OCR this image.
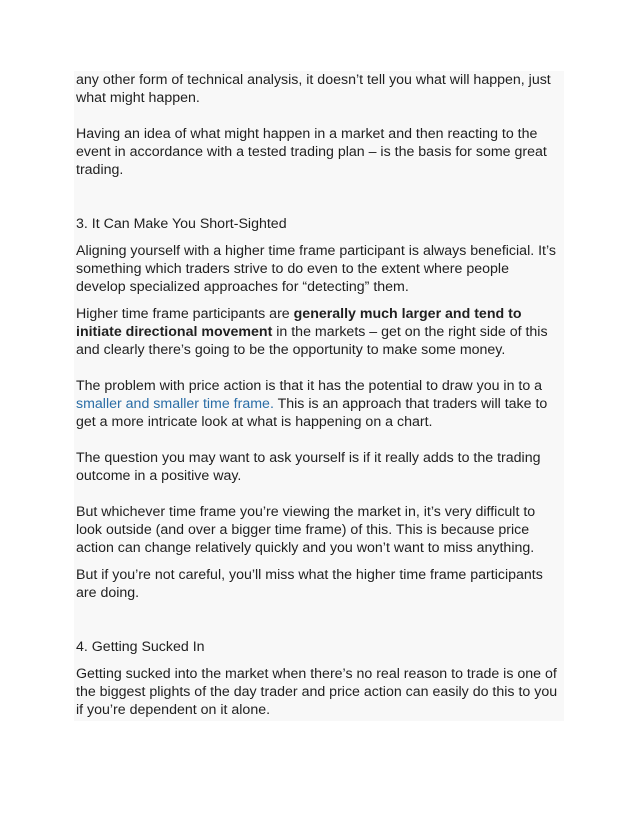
any other form of technical analysis, it doesn’t tell you what will happen, just what might happen.

Having an idea of what might happen in a market and then reacting to the event in accordance with a tested trading plan – is the basis for some great trading.

3. It Can Make You Short-Sighted

Aligning yourself with a higher time frame participant is always beneficial. It’s something which traders strive to do even to the extent where people develop specialized approaches for “detecting” them.

Higher time frame participants are generally much larger and tend to initiate directional movement in the markets – get on the right side of this and clearly there’s going to be the opportunity to make some money.

The problem with price action is that it has the potential to draw you in to a smaller and smaller time frame. This is an approach that traders will take to get a more intricate look at what is happening on a chart.

The question you may want to ask yourself is if it really adds to the trading outcome in a positive way.

But whichever time frame you’re viewing the market in, it’s very difficult to look outside (and over a bigger time frame) of this. This is because price action can change relatively quickly and you won’t want to miss anything.

But if you’re not careful, you’ll miss what the higher time frame participants are doing.

4. Getting Sucked In

Getting sucked into the market when there’s no real reason to trade is one of the biggest plights of the day trader and price action can easily do this to you if you’re dependent on it alone.
